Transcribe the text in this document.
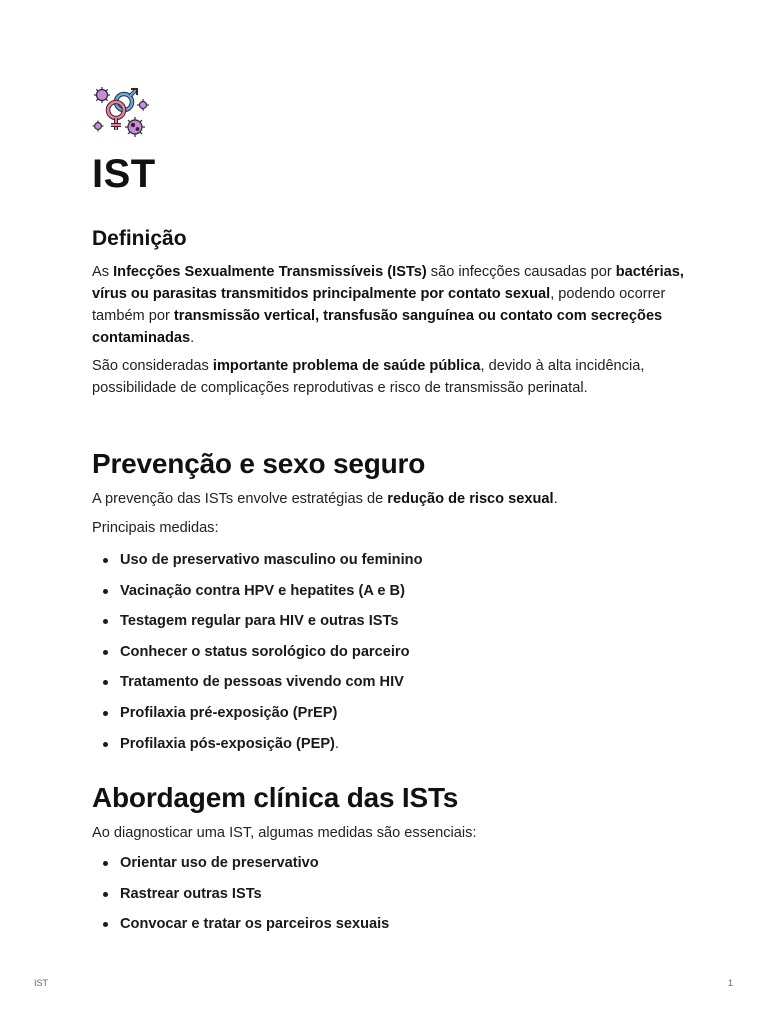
IST
Definição

As Infecções Sexualmente Transmissíveis (ISTs) são infecções causadas por bactérias, vírus ou parasitas transmitidos principalmente por contato sexual, podendo ocorrer também por transmissão vertical, transfusão sanguínea ou contato com secreções contaminadas.

São consideradas importante problema de saúde pública, devido à alta incidência, possibilidade de complicações reprodutivas e risco de transmissão perinatal.

Prevenção e sexo seguro

A prevenção das ISTs envolve estratégias de redução de risco sexual.

Principais medidas:

Uso de preservativo masculino ou feminino
Vacinação contra HPV e hepatites (A e B)
Testagem regular para HIV e outras ISTs
Conhecer o status sorológico do parceiro
Tratamento de pessoas vivendo com HIV
Profilaxia pré-exposição (PrEP)
Profilaxia pós-exposição (PEP).
Abordagem clínica das ISTs

Ao diagnosticar uma IST, algumas medidas são essenciais:

Orientar uso de preservativo
Rastrear outras ISTs
Convocar e tratar os parceiros sexuais
IST	1
